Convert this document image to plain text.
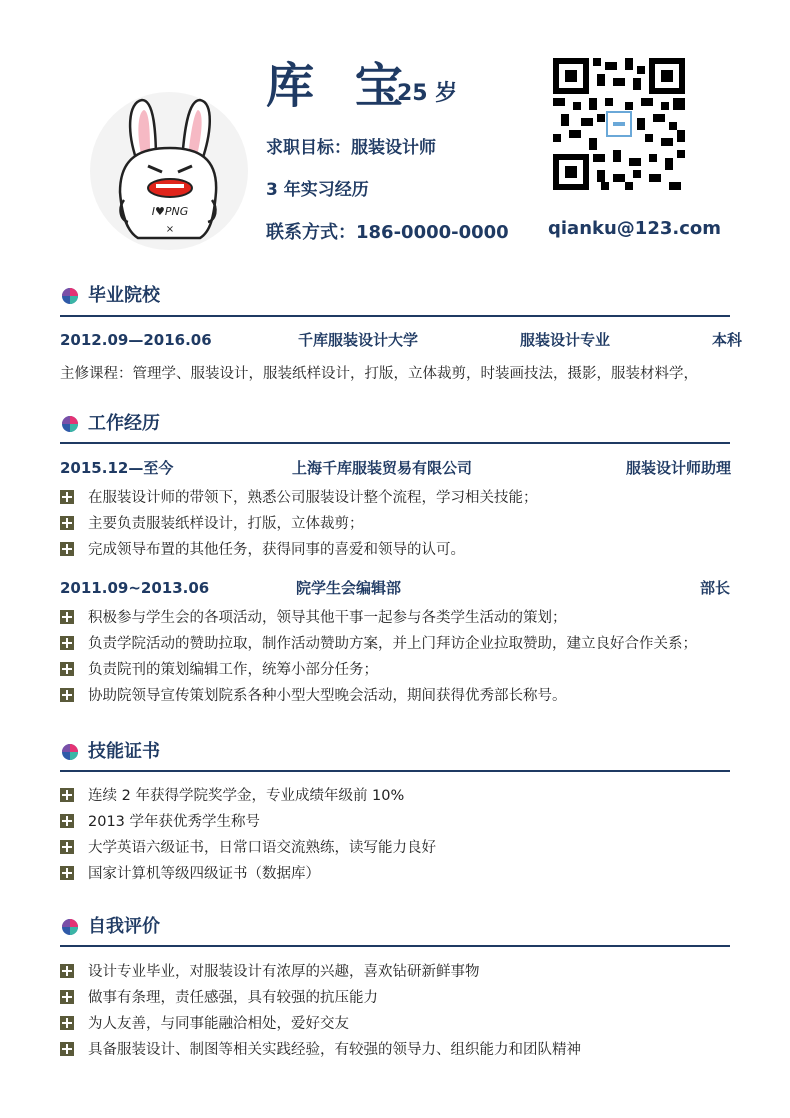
I♥PNG
×
库 宝
25 岁
求职目标：服装设计师
3 年实习经历
联系方式：186-0000-0000 qianku@123.com
毕业院校
2012.09—2016.06	千库服装设计大学	服装设计专业	本科
主修课程：管理学、服装设计，服装纸样设计，打版，立体裁剪，时装画技法，摄影，服装材料学，
工作经历
2015.12—至今	上海千库服装贸易有限公司	服装设计师助理
在服装设计师的带领下，熟悉公司服装设计整个流程，学习相关技能；
主要负责服装纸样设计，打版，立体裁剪；
完成领导布置的其他任务，获得同事的喜爱和领导的认可。
2011.09~2013.06	院学生会编辑部	部长
积极参与学生会的各项活动，领导其他干事一起参与各类学生活动的策划；
负责学院活动的赞助拉取，制作活动赞助方案，并上门拜访企业拉取赞助，建立良好合作关系；
负责院刊的策划编辑工作，统筹小部分任务；
协助院领导宣传策划院系各种小型大型晚会活动，期间获得优秀部长称号。
技能证书
连续 2 年获得学院奖学金，专业成绩年级前 10%
2013 学年获优秀学生称号
大学英语六级证书，日常口语交流熟练，读写能力良好
国家计算机等级四级证书（数据库）
自我评价
设计专业毕业，对服装设计有浓厚的兴趣，喜欢钻研新鲜事物
做事有条理，责任感强，具有较强的抗压能力
为人友善，与同事能融洽相处，爱好交友
具备服装设计、制图等相关实践经验，有较强的领导力、组织能力和团队精神
